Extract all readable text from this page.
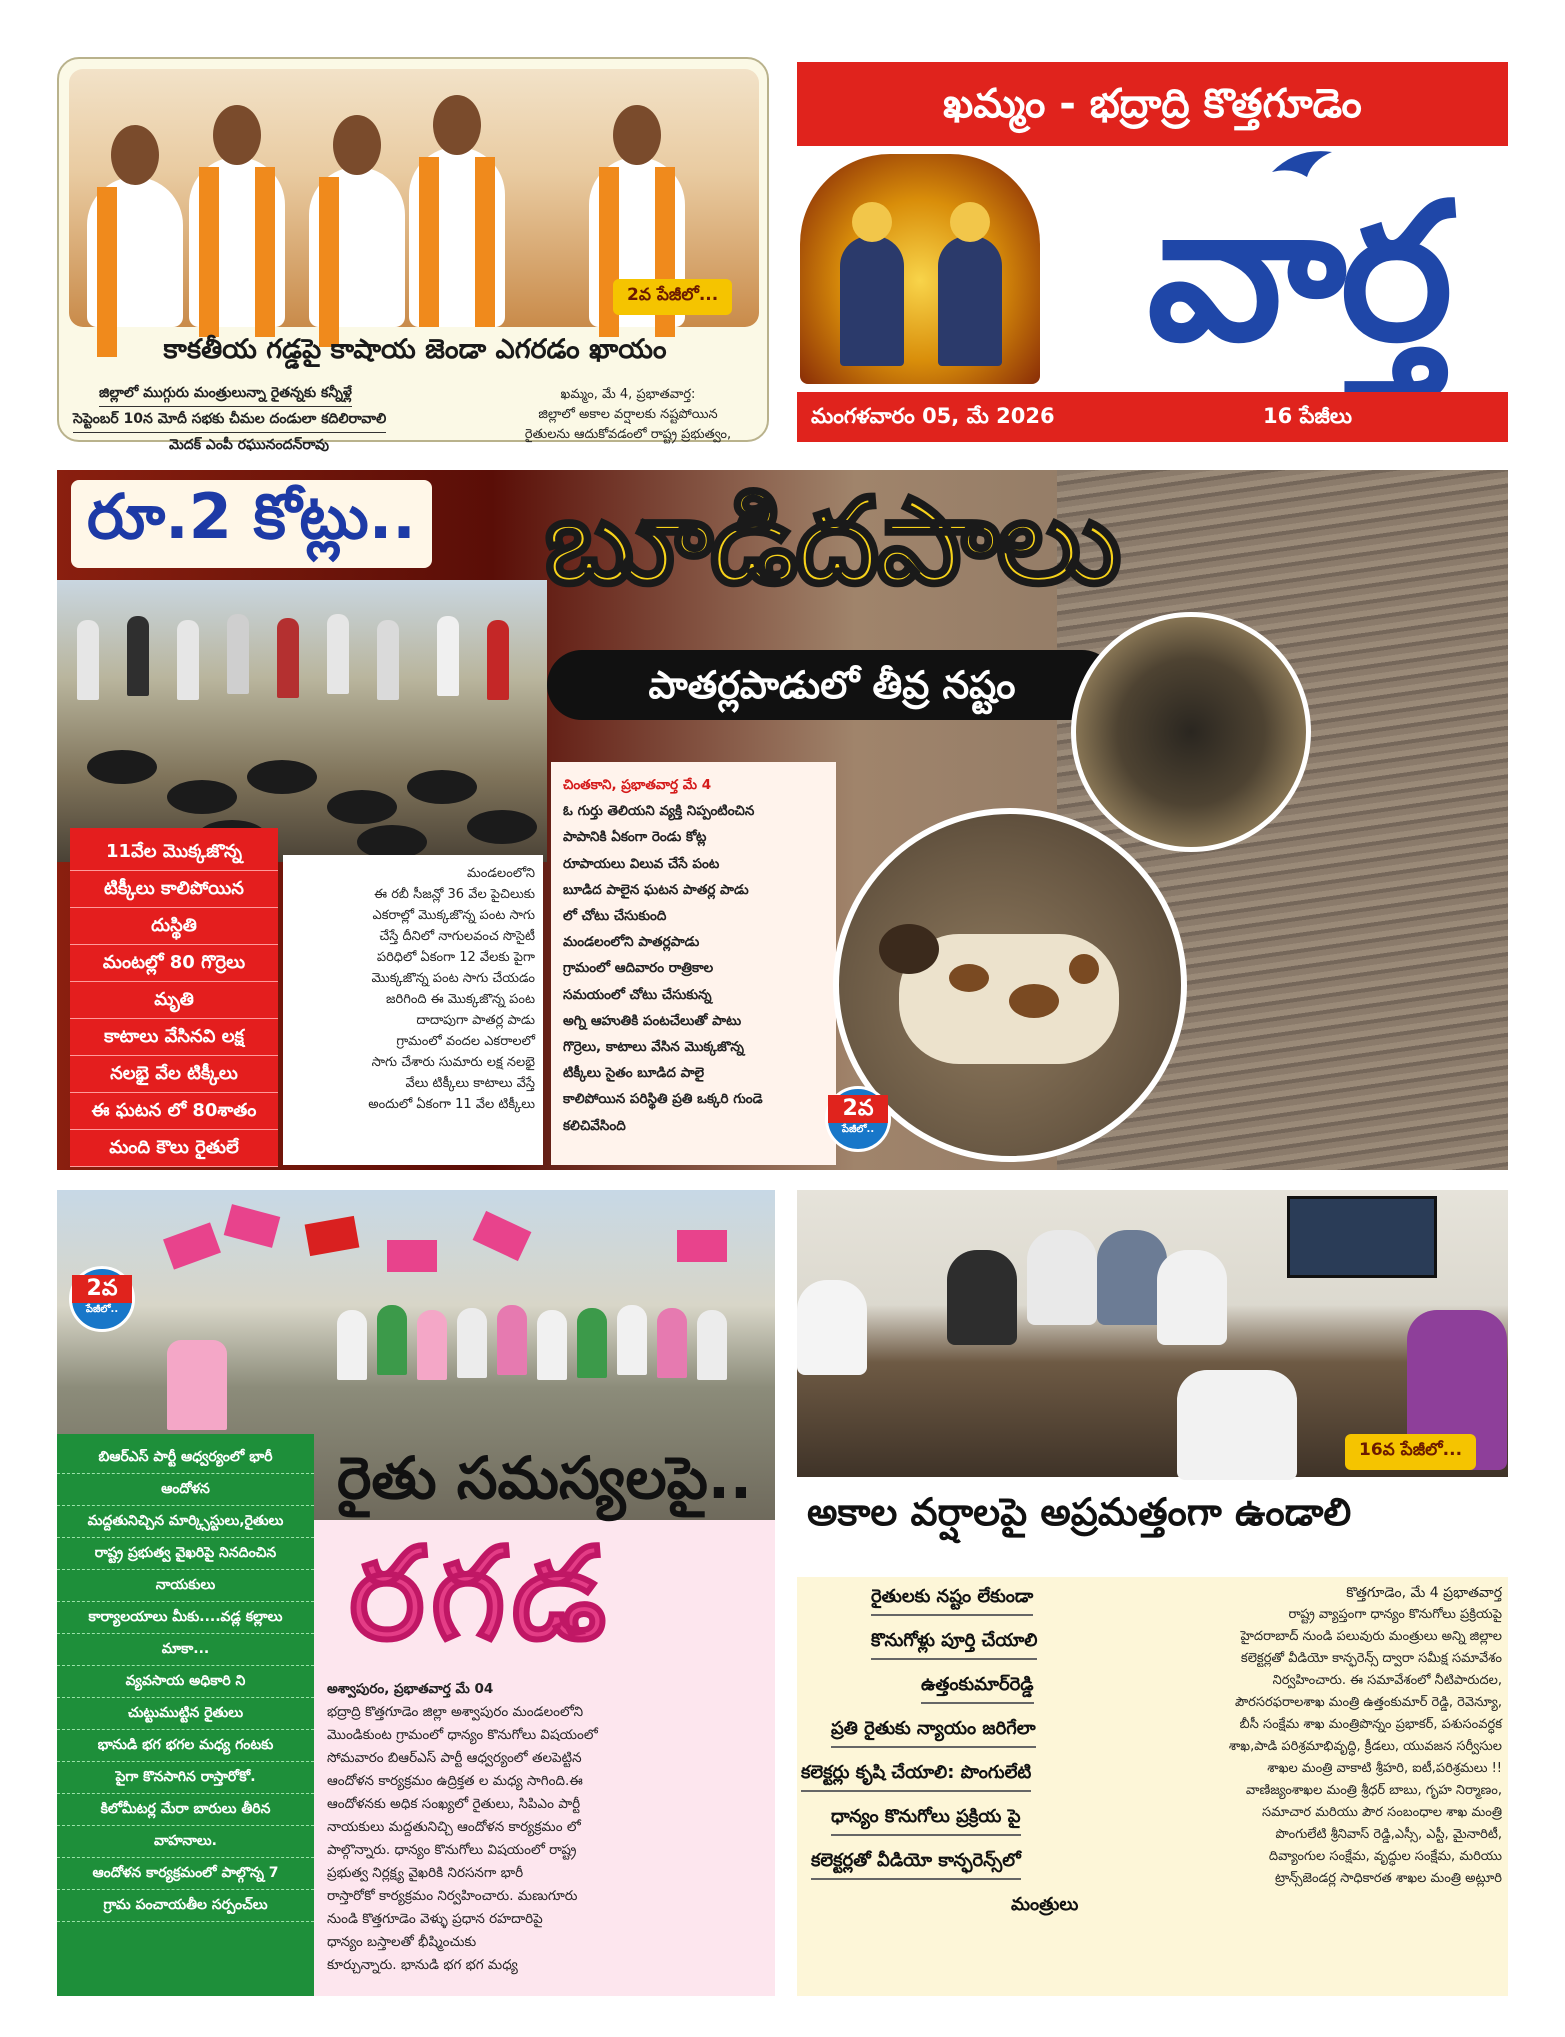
2వ పేజీలో...
కాకతీయ గడ్డపై కాషాయ జెండా ఎగరడం ఖాయం
జిల్లాలో ముగ్గురు మంత్రులున్నా రైతన్నకు కన్నీళ్లే
సెప్టెంబర్ 10న మోదీ సభకు చీమల దండులా కదిలిరావాలి
మెదక్ ఎంపీ రఘునందన్‌రావు
ఖమ్మం, మే 4, ప్రభాతవార్త:
జిల్లాలో అకాల వర్షాలకు నష్టపోయిన
రైతులను ఆదుకోవడంలో రాష్ట్ర ప్రభుత్వం,
ఖమ్మం - భద్రాద్రి కొత్తగూడెం
వార్త
మంగళవారం 05, మే 2026	16 పేజీలు
రూ.2 కోట్లు.. బూడిదపాలు
పాతర్లపాడులో తీవ్ర నష్టం
11వేల మొక్కజొన్న
టిక్కీలు కాలిపోయిన
దుస్థితి
మంటల్లో 80 గొర్రెలు
మృతి
కాటాలు వేసినవి లక్ష
నలభై వేల టిక్కీలు
ఈ ఘటన లో 80శాతం
మంది కౌలు రైతులే
మండలంలోని
ఈ రబీ సీజన్లో 36 వేల పైచిలుకు
ఎకరాల్లో మొక్కజొన్న పంట సాగు
చేస్తే దీనిలో నాగులవంచ సొసైటీ
పరిధిలో ఏకంగా 12 వేలకు పైగా
మొక్కజొన్న పంట సాగు చేయడం
జరిగింది ఈ మొక్కజొన్న పంట
దాదాపుగా పాతర్ల పాడు
గ్రామంలో వందల ఎకరాలలో
సాగు చేశారు సుమారు లక్ష నలభై
వేలు టిక్కీలు కాటాలు వేస్తే
అందులో ఏకంగా 11 వేల టిక్కీలు
చింతకాని, ప్రభాతవార్త మే 4
ఓ గుర్తు తెలియని వ్యక్తి నిప్పంటించిన
పాపానికి ఏకంగా రెండు కోట్ల
రూపాయలు విలువ చేసే పంట
బూడిద పాలైన ఘటన పాతర్ల పాడు
లో చోటు చేసుకుంది
మండలంలోని పాతర్లపాడు
గ్రామంలో ఆదివారం రాత్రికాల
సమయంలో చోటు చేసుకున్న
అగ్ని ఆహుతికి పంటచేలుతో పాటు
గొర్రెలు, కాటాలు వేసిన మొక్కజొన్న
టిక్కీలు సైతం బూడిద పాలై
కాలిపోయిన పరిస్థితి ప్రతి ఒక్కరి గుండె
కలిచివేసింది
2వ
పేజీలో..
2వ
పేజీలో..
రైతు సమస్యలపై..
రగడ
బిఆర్ఎస్ పార్టీ ఆధ్వర్యంలో భారీ
ఆందోళన
మద్దతునిచ్చిన మార్క్సిస్టులు,రైతులు
రాష్ట్ర ప్రభుత్వ వైఖరిపై నినదించిన
నాయకులు
కార్యాలయాలు మీకు....వడ్ల కల్లాలు
మాకా...
వ్యవసాయ అధికారి ని
చుట్టుముట్టిన రైతులు
భానుడి భగ భగల మధ్య గంటకు
పైగా కొనసాగిన రాస్తారోకో.
కిలోమీటర్ల మేరా బారులు తీరిన
వాహనాలు.
ఆందోళన కార్యక్రమంలో పాల్గొన్న 7
గ్రామ పంచాయతీల సర్పంచ్‌లు
అశ్వాపురం, ప్రభాతవార్త మే 04
భద్రాద్రి కొత్తగూడెం జిల్లా అశ్వాపురం మండలంలోని
మొండికుంట గ్రామంలో ధాన్యం కొనుగోలు విషయంలో
సోమవారం బిఆర్ఎస్ పార్టీ ఆధ్వర్యంలో తలపెట్టిన
ఆందోళన కార్యక్రమం ఉద్రిక్తత ల మధ్య సాగింది.ఈ
ఆందోళనకు అధిక సంఖ్యలో రైతులు, సిపిఎం పార్టీ
నాయకులు మద్దతునిచ్చి ఆందోళన కార్యక్రమం లో
పాల్గొన్నారు. ధాన్యం కొనుగోలు విషయంలో రాష్ట్ర
ప్రభుత్వ నిర్లక్ష్య వైఖరికి నిరసనగా భారీ
రాస్తారోకో కార్యక్రమం నిర్వహించారు. మణుగూరు
నుండి కొత్తగూడెం వెళ్ళు ప్రధాన రహదారిపై
ధాన్యం బస్తాలతో భీష్మించుకు
కూర్చున్నారు. భానుడి భగ భగ మధ్య
16వ పేజీలో...
అకాల వర్షాలపై అప్రమత్తంగా ఉండాలి
రైతులకు నష్టం లేకుండా
కొనుగోళ్లు పూర్తి చేయాలి
ఉత్తంకుమార్‌రెడ్డి
ప్రతి రైతుకు న్యాయం జరిగేలా
కలెక్టర్లు కృషి చేయాలి: పొంగులేటి
ధాన్యం కొనుగోలు ప్రక్రియ పై
కలెక్టర్లతో వీడియో కాన్ఫరెన్స్‌లో
మంత్రులు
కొత్తగూడెం, మే 4 ప్రభాతవార్త
రాష్ట్ర వ్యాప్తంగా ధాన్యం కొనుగోలు ప్రక్రియపై
హైదరాబాద్ నుండి పలువురు మంత్రులు అన్ని జిల్లాల
కలెక్టర్లతో వీడియో కాన్ఫరెన్స్ ద్వారా సమీక్ష సమావేశం
నిర్వహించారు. ఈ సమావేశంలో నీటిపారుదల,
పౌరసరఫరాలశాఖ మంత్రి ఉత్తంకుమార్ రెడ్డి, రెవెన్యూ,
బీసీ సంక్షేమ శాఖ మంత్రిపొన్నం ప్రభాకర్, పశుసంవర్ధక
శాఖ,పాడి పరిశ్రమాభివృద్ధి, క్రీడలు, యువజన సర్వీసుల
శాఖల మంత్రి వాకాటి శ్రీహరి, ఐటీ,పరిశ్రమలు !!
వాణిజ్యంశాఖల మంత్రి శ్రీధర్ బాబు, గృహ నిర్మాణం,
సమాచార మరియు పౌర సంబంధాల శాఖ మంత్రి
పొంగులేటి శ్రీనివాస్ రెడ్డి,ఎస్సీ, ఎస్టీ, మైనారిటీ,
దివ్యాంగుల సంక్షేమ, వృద్ధుల సంక్షేమ, మరియు
ట్రాన్స్‌జెండర్ల సాధికారత శాఖల మంత్రి అట్లూరి
